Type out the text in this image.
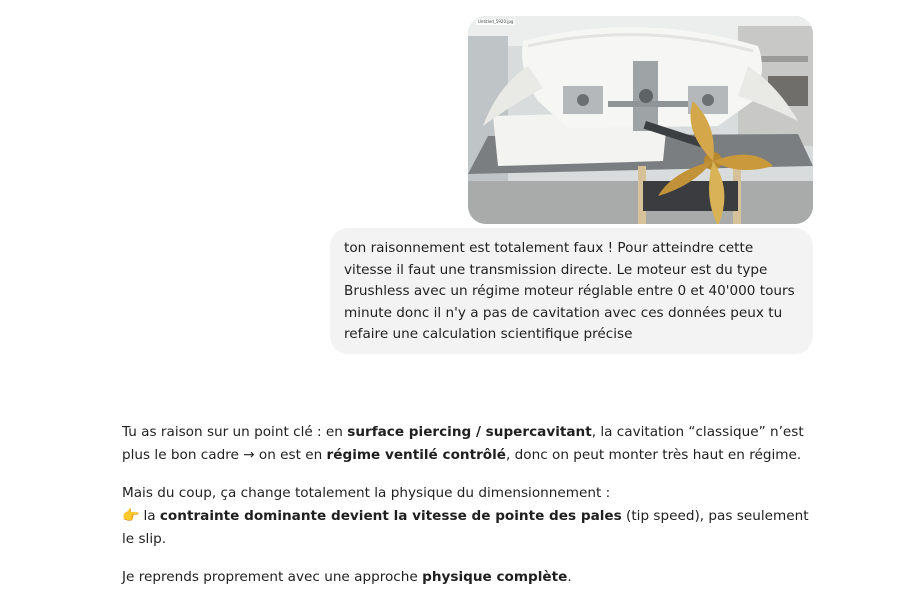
Untitled_5920.jpg
ton raisonnement est totalement faux ! Pour atteindre cette vitesse il faut une transmission directe. Le moteur est du type Brushless avec un régime moteur réglable entre 0 et 40'000 tours minute donc il n'y a pas de cavitation avec ces données peux tu refaire une calculation scientifique précise

Tu as raison sur un point clé : en surface piercing / supercavitant, la cavitation “classique” n’est plus le bon cadre → on est en régime ventilé contrôlé, donc on peut monter très haut en régime.

Mais du coup, ça change totalement la physique du dimensionnement :
👉 la contrainte dominante devient la vitesse de pointe des pales (tip speed), pas seulement le slip.

Je reprends proprement avec une approche physique complète.
